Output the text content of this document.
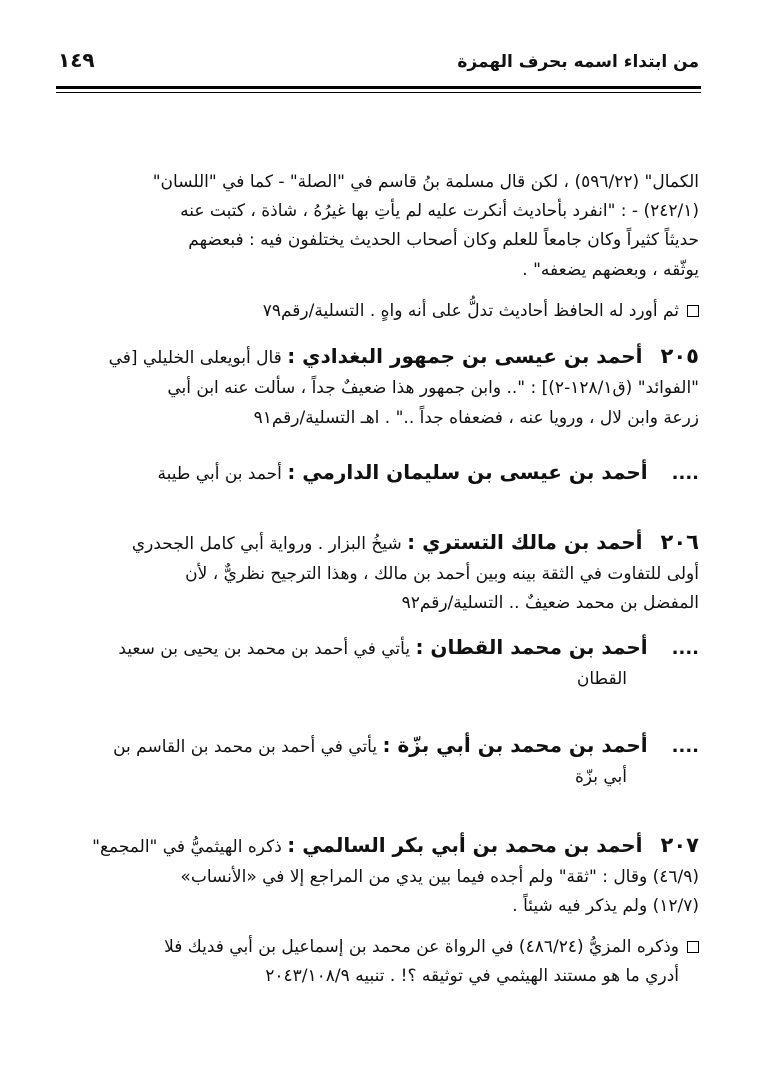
من ابتداء اسمه بحرف الهمزة
١٤٩

الكمال" (٥٩٦/٢٢) ، لكن قال مسلمة بنُ قاسم في "الصلة" - كما في "اللسان"

(٢٤٢/١) - : "انفرد بأحاديث أنكرت عليه لم يأتِ بها غيرُهُ ، شاذة ، كتبت عنه

حديثاً كثيراً وكان جامعاً للعلم وكان أصحاب الحديث يختلفون فيه : فبعضهم

يوثّقه ، وبعضهم يضعفه" .

ثم أورد له الحافظ أحاديث تدلُّ على أنه واهٍ . التسلية/رقم٧٩

٢٠٥أحمد بن عيسى بن جمهور البغدادي : قال أبويعلى الخليلي [في

"الفوائد" (ق١٢٨/١-٢)] : ".. وابن جمهور هذا ضعيفٌ جداً ، سألت عنه ابن أبي

زرعة وابن لال ، ورويا عنه ، فضعفاه جداً .." . اهـ التسلية/رقم٩١

....أحمد بن عيسى بن سليمان الدارمي : أحمد بن أبي طيبة

٢٠٦أحمد بن مالك التستري : شيخُ البزار . ورواية أبي كامل الجحدري

أولى للتفاوت في الثقة بينه وبين أحمد بن مالك ، وهذا الترجيح نظريٌّ ، لأن

المفضل بن محمد ضعيفٌ .. التسلية/رقم٩٢

....أحمد بن محمد القطان : يأتي في أحمد بن محمد بن يحيى بن سعيد

القطان

....أحمد بن محمد بن أبي بزّة : يأتي في أحمد بن محمد بن القاسم بن

أبي بزّة

٢٠٧أحمد بن محمد بن أبي بكر السالمي : ذكره الهيثميُّ في "المجمع"

(٤٦/٩) وقال : "ثقة" ولم أجده فيما بين يدي من المراجع إلا في «الأنساب»

(١٢/٧) ولم يذكر فيه شيئاً .

وذكره المزيُّ (٤٨٦/٢٤) في الرواة عن محمد بن إسماعيل بن أبي فديك فلا

أدري ما هو مستند الهيثمي في توثيقه ؟! . تنبيه ٢٠٤٣/١٠٨/٩
